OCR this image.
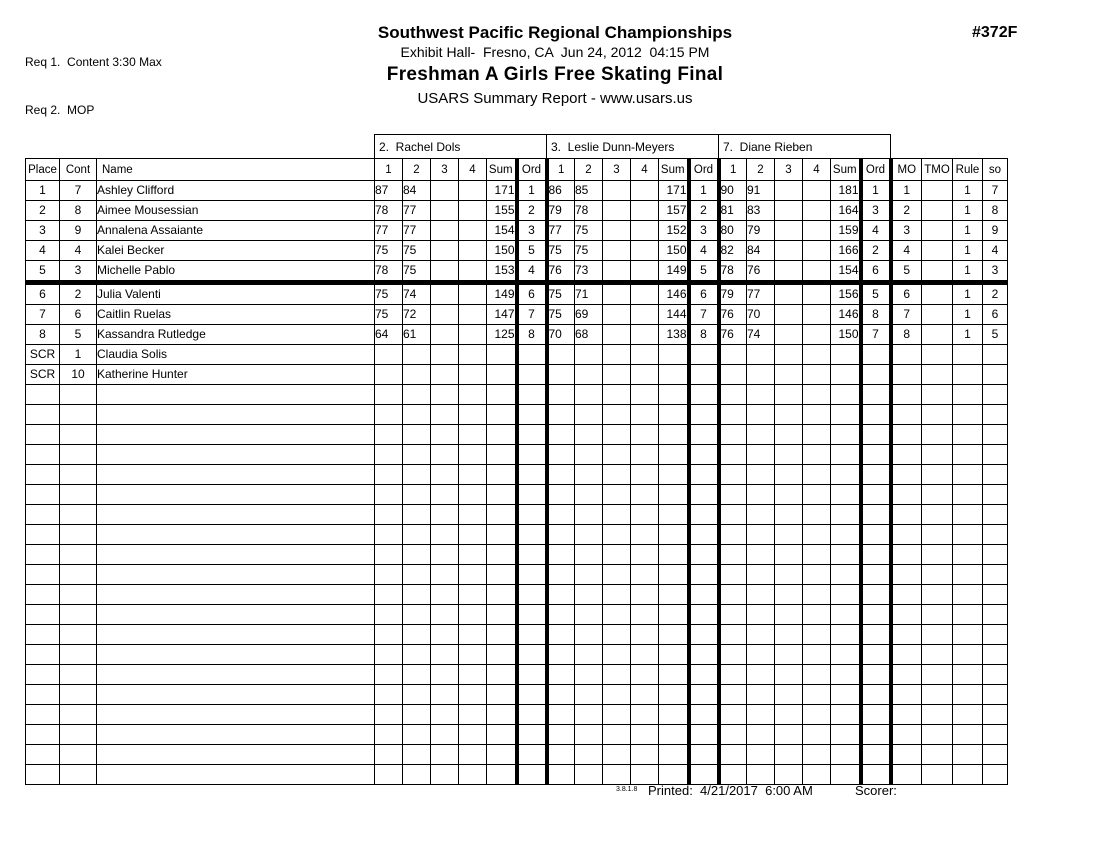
Req 1.  Content 3:30 Max

Req 2.  MOP

Southwest Pacific Regional Championships
Exhibit Hall-  Fresno, CA  Jun 24, 2012  04:15 PM
Freshman A Girls Free Skating Final
USARS Summary Report - www.usars.us
#372F
			2.  Rachel Dols						3.  Leslie Dunn-Meyers						7.  Diane Rieben									
Place	Cont	Name	1	2	3	4	Sum	Ord	1	2	3	4	Sum	Ord	1	2	3	4	Sum	Ord	MO	TMO	Rule	so
1	7	Ashley Clifford	87	84			171	1	86	85			171	1	90	91			181	1	1		1	7
2	8	Aimee Mousessian	78	77			155	2	79	78			157	2	81	83			164	3	2		1	8
3	9	Annalena Assaiante	77	77			154	3	77	75			152	3	80	79			159	4	3		1	9
4	4	Kalei Becker	75	75			150	5	75	75			150	4	82	84			166	2	4		1	4
5	3	Michelle Pablo	78	75			153	4	76	73			149	5	78	76			154	6	5		1	3
6	2	Julia Valenti	75	74			149	6	75	71			146	6	79	77			156	5	6		1	2
7	6	Caitlin Ruelas	75	72			147	7	75	69			144	7	76	70			146	8	7		1	6
8	5	Kassandra Rutledge	64	61			125	8	70	68			138	8	76	74			150	7	8		1	5
SCR	1	Claudia Solis																						
SCR	10	Katherine Hunter																						

3.8.1.8 Printed:  4/21/2017  6:00 AM	Scorer:
